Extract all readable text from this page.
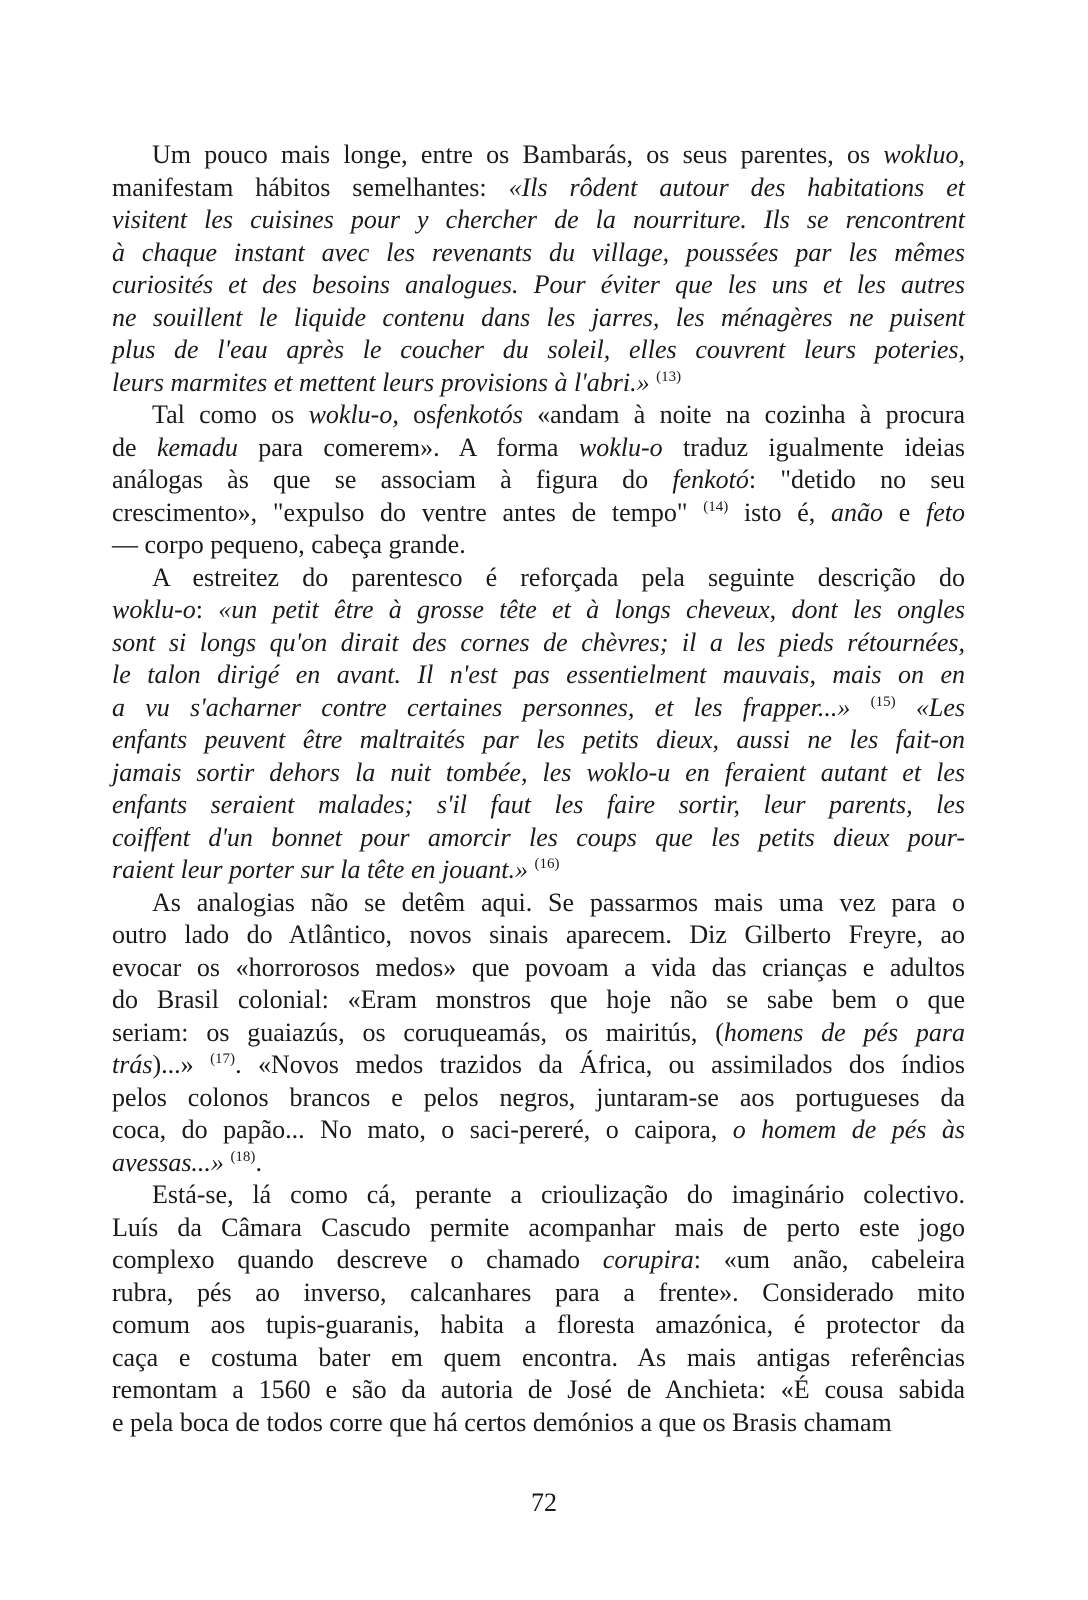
Um pouco mais longe, entre os Bambarás, os seus parentes, os wokluo,
manifestam hábitos semelhantes: «Ils rôdent autour des habitations et
visitent les cuisines pour y chercher de la nourriture. Ils se rencontrent
à chaque instant avec les revenants du village, poussées par les mêmes
curiosités et des besoins analogues. Pour éviter que les uns et les autres
ne souillent le liquide contenu dans les jarres, les ménagères ne puisent
plus de l'eau après le coucher du soleil, elles couvrent leurs poteries,
leurs marmites et mettent leurs provisions à l'abri.» $^{(13)}$
Tal como os woklu-o, osfenkotós «andam à noite na cozinha à procura
de kemadu para comerem». A forma woklu-o traduz igualmente ideias
análogas às que se associam à figura do fenkotó: "detido no seu
crescimento», "expulso do ventre antes de tempo" $^{(14)}$ isto é, anão e feto
— corpo pequeno, cabeça grande.
A estreitez do parentesco é reforçada pela seguinte descrição do
woklu-o: «un petit être à grosse tête et à longs cheveux, dont les ongles
sont si longs qu'on dirait des cornes de chèvres; il a les pieds rétournées,
le talon dirigé en avant. Il n'est pas essentielment mauvais, mais on en
a vu s'acharner contre certaines personnes, et les frapper...» $^{(15)}$ «Les
enfants peuvent être maltraités par les petits dieux, aussi ne les fait-on
jamais sortir dehors la nuit tombée, les woklo-u en feraient autant et les
enfants seraient malades; s'il faut les faire sortir, leur parents, les
coiffent d'un bonnet pour amorcir les coups que les petits dieux pour-
raient leur porter sur la tête en jouant.» $^{(16)}$
As analogias não se detêm aqui. Se passarmos mais uma vez para o
outro lado do Atlântico, novos sinais aparecem. Diz Gilberto Freyre, ao
evocar os «horrorosos medos» que povoam a vida das crianças e adultos
do Brasil colonial: «Eram monstros que hoje não se sabe bem o que
seriam: os guaiazús, os coruqueamás, os mairitús, (homens de pés para
trás)...» $^{(17)}$. «Novos medos trazidos da África, ou assimilados dos índios
pelos colonos brancos e pelos negros, juntaram-se aos portugueses da
coca, do papão... No mato, o saci-pereré, o caipora, o homem de pés às
avessas...» $^{(18)}$.
Está-se, lá como cá, perante a crioulização do imaginário colectivo.
Luís da Câmara Cascudo permite acompanhar mais de perto este jogo
complexo quando descreve o chamado corupira: «um anão, cabeleira
rubra, pés ao inverso, calcanhares para a frente». Considerado mito
comum aos tupis-guaranis, habita a floresta amazónica, é protector da
caça e costuma bater em quem encontra. As mais antigas referências
remontam a 1560 e são da autoria de José de Anchieta: «É cousa sabida
e pela boca de todos corre que há certos demónios a que os Brasis chamam
72
